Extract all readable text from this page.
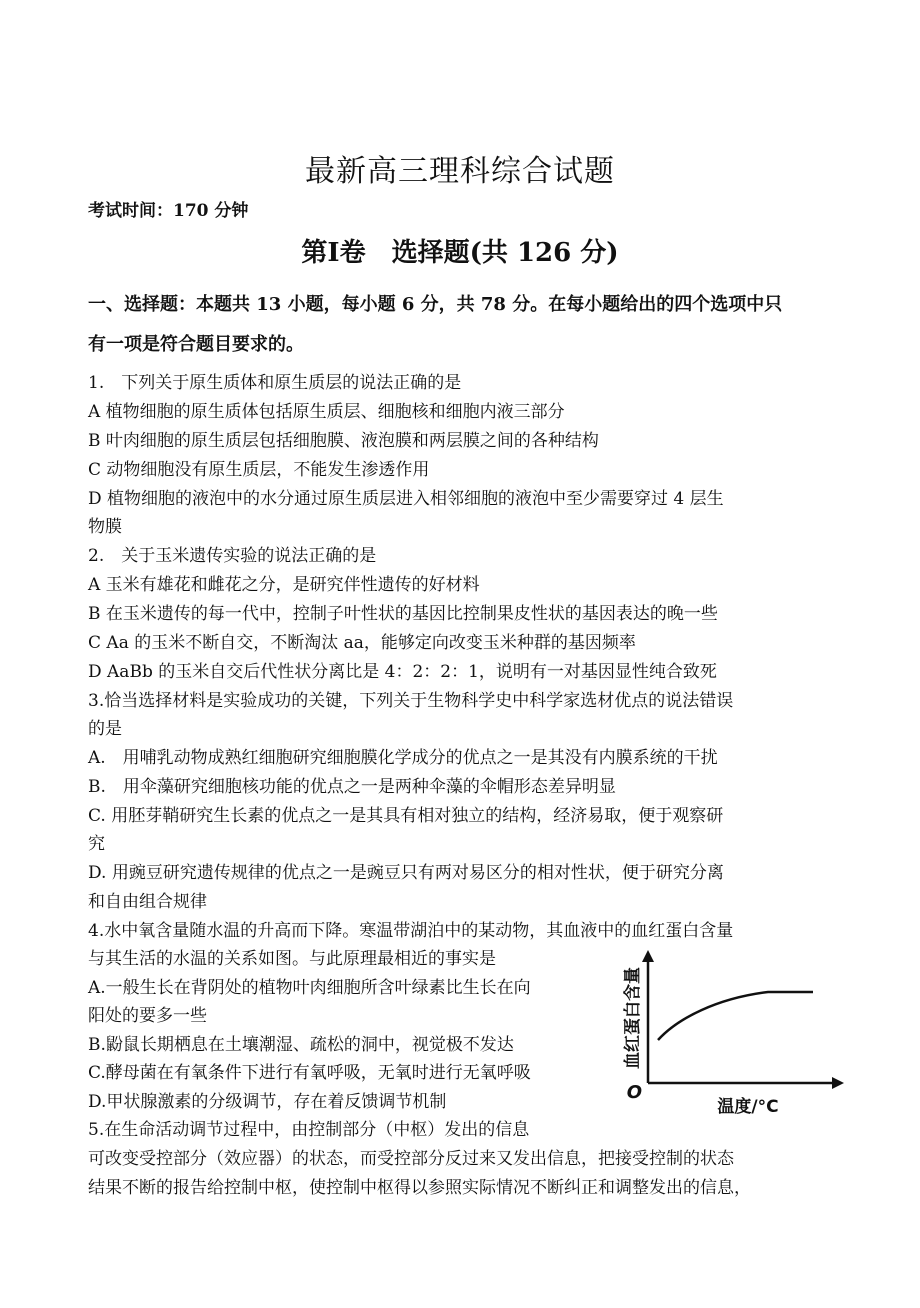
最新高三理科综合试题
考试时间：170 分钟
第Ⅰ卷　选择题(共 126 分)
一、选择题：本题共 13 小题，每小题 6 分，共 78 分。在每小题给出的四个选项中只
有一项是符合题目要求的。
1.　下列关于原生质体和原生质层的说法正确的是
A 植物细胞的原生质体包括原生质层、细胞核和细胞内液三部分
B 叶肉细胞的原生质层包括细胞膜、液泡膜和两层膜之间的各种结构
C 动物细胞没有原生质层，不能发生渗透作用
D 植物细胞的液泡中的水分通过原生质层进入相邻细胞的液泡中至少需要穿过 4 层生
物膜
2.　关于玉米遗传实验的说法正确的是
A 玉米有雄花和雌花之分，是研究伴性遗传的好材料
B 在玉米遗传的每一代中，控制子叶性状的基因比控制果皮性状的基因表达的晚一些
C Aa 的玉米不断自交，不断淘汰 aa，能够定向改变玉米种群的基因频率
D AaBb 的玉米自交后代性状分离比是 4：2：2：1，说明有一对基因显性纯合致死
3.恰当选择材料是实验成功的关键，下列关于生物科学史中科学家选材优点的说法错误
的是
A.　用哺乳动物成熟红细胞研究细胞膜化学成分的优点之一是其没有内膜系统的干扰
B.　用伞藻研究细胞核功能的优点之一是两种伞藻的伞帽形态差异明显
C. 用胚芽鞘研究生长素的优点之一是其具有相对独立的结构，经济易取，便于观察研
究
D. 用豌豆研究遗传规律的优点之一是豌豆只有两对易区分的相对性状，便于研究分离
和自由组合规律
4.水中氧含量随水温的升高而下降。寒温带湖泊中的某动物，其血液中的血红蛋白含量
与其生活的水温的关系如图。与此原理最相近的事实是
A.一般生长在背阴处的植物叶肉细胞所含叶绿素比生长在向
阳处的要多一些
B.鼢鼠长期栖息在土壤潮湿、疏松的洞中，视觉极不发达
C.酵母菌在有氧条件下进行有氧呼吸，无氧时进行无氧呼吸
D.甲状腺激素的分级调节，存在着反馈调节机制
5.在生命活动调节过程中，由控制部分（中枢）发出的信息
可改变受控部分（效应器）的状态，而受控部分反过来又发出信息，把接受控制的状态
结果不断的报告给控制中枢，使控制中枢得以参照实际情况不断纠正和调整发出的信息，
血红蛋白含量
O
温度/°C
